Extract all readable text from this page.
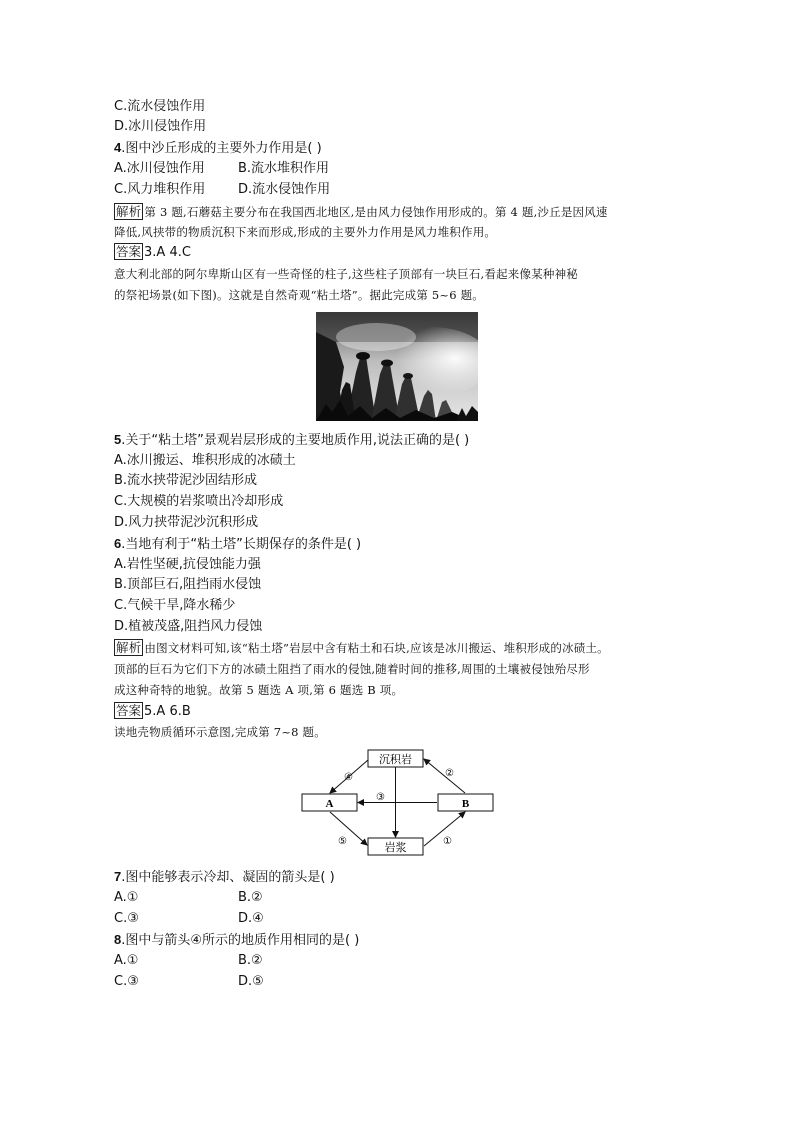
C.流水侵蚀作用
D.冰川侵蚀作用
4.图中沙丘形成的主要外力作用是( )
A.冰川侵蚀作用	B.流水堆积作用
C.风力堆积作用	D.流水侵蚀作用
解析 第 3 题,石蘑菇主要分布在我国西北地区,是由风力侵蚀作用形成的。第 4 题,沙丘是因风速
降低,风挟带的物质沉积下来而形成,形成的主要外力作用是风力堆积作用。
答案 3.A 4.C
意大利北部的阿尔卑斯山区有一些奇怪的柱子,这些柱子顶部有一块巨石,看起来像某种神秘
的祭祀场景(如下图)。这就是自然奇观“粘土塔”。据此完成第 5~6 题。
5.关于“粘土塔”景观岩层形成的主要地质作用,说法正确的是( )
A.冰川搬运、堆积形成的冰碛土
B.流水挟带泥沙固结形成
C.大规模的岩浆喷出冷却形成
D.风力挟带泥沙沉积形成
6.当地有利于“粘土塔”长期保存的条件是( )
A.岩性坚硬,抗侵蚀能力强
B.顶部巨石,阻挡雨水侵蚀
C.气候干旱,降水稀少
D.植被茂盛,阻挡风力侵蚀
解析 由图文材料可知,该“粘土塔”岩层中含有粘土和石块,应该是冰川搬运、堆积形成的冰碛土。
顶部的巨石为它们下方的冰碛土阻挡了雨水的侵蚀,随着时间的推移,周围的土壤被侵蚀殆尽形
成这种奇特的地貌。故第 5 题选 A 项,第 6 题选 B 项。
答案 5.A 6.B
读地壳物质循环示意图,完成第 7~8 题。
沉积岩
A	B
岩浆
④	②
③
⑤	①
7.图中能够表示冷却、凝固的箭头是( )
A.①	B.②
C.③	D.④
8.图中与箭头④所示的地质作用相同的是( )
A.①	B.②
C.③	D.⑤
